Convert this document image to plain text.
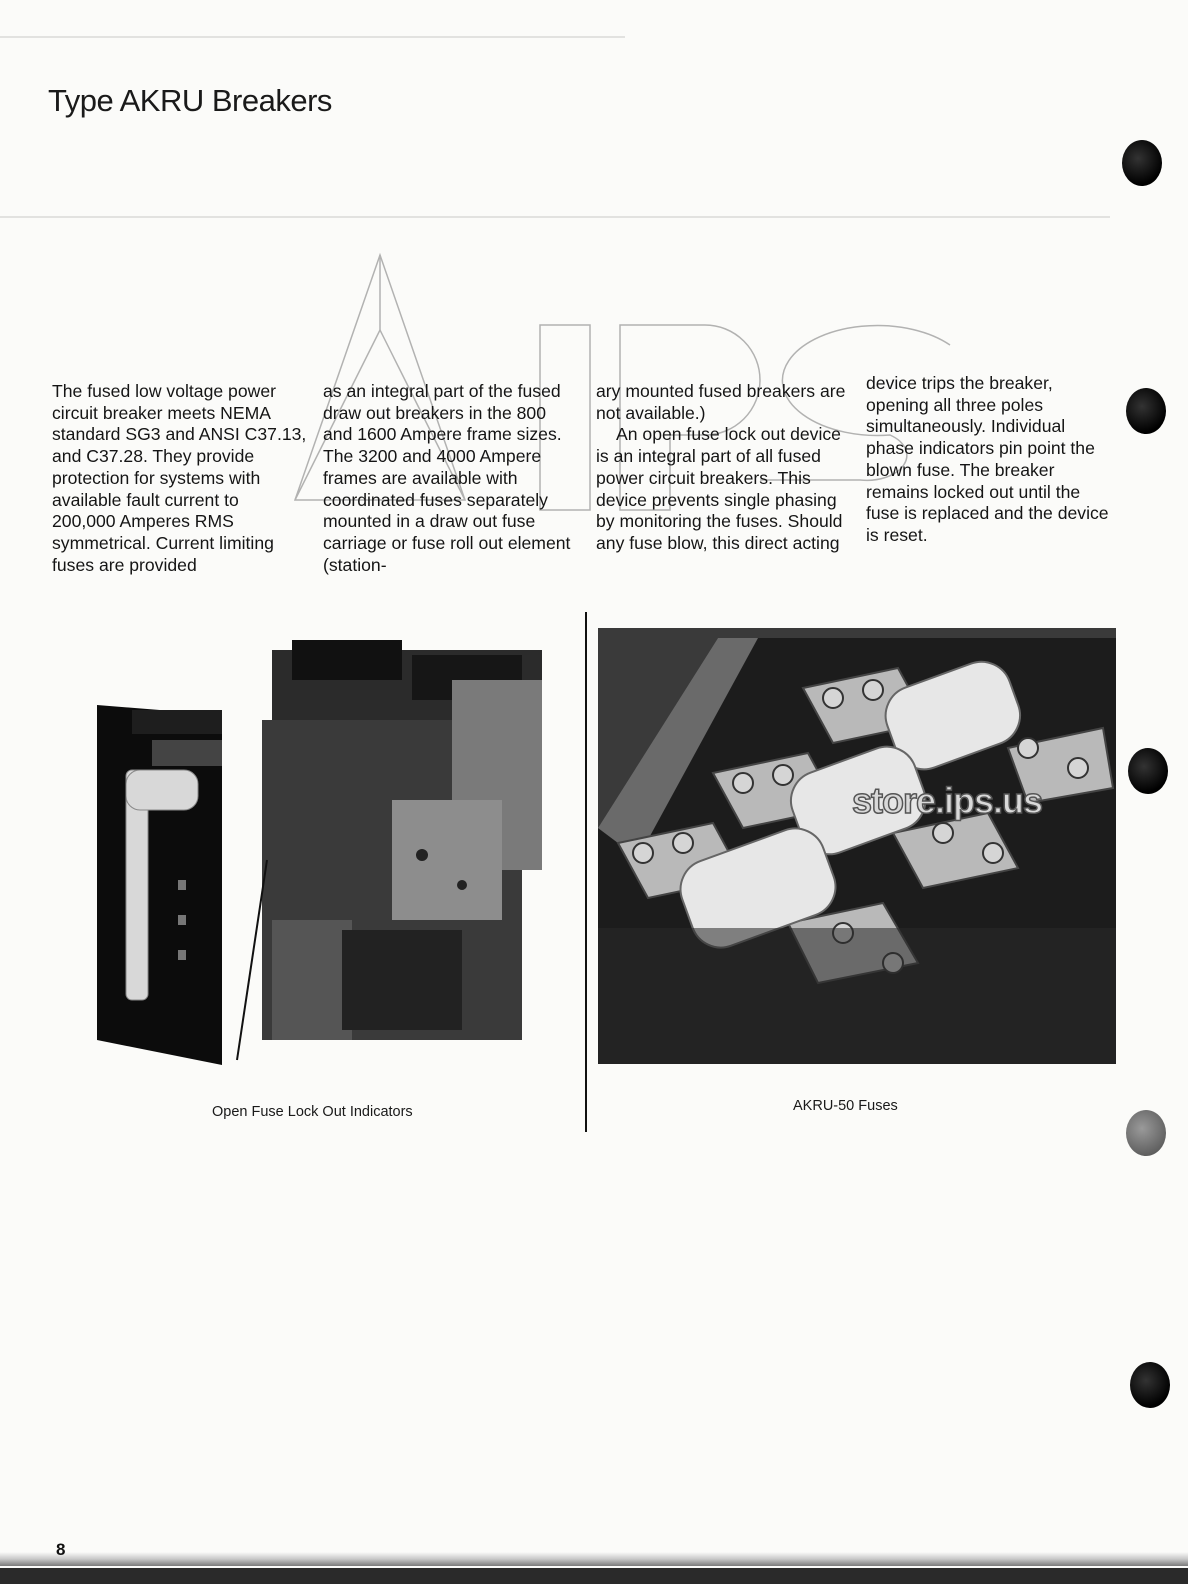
Type AKRU Breakers

The fused low voltage power circuit breaker meets NEMA standard SG3 and ANSI C37.13, and C37.28. They provide protection for systems with available fault current to 200,000 Amperes RMS symmetrical. Current limiting fuses are provided

as an integral part of the fused draw out breakers in the 800 and 1600 Ampere frame sizes. The 3200 and 4000 Ampere frames are available with coordinated fuses separately mounted in a draw out fuse carriage or fuse roll out element (station-

ary mounted fused breakers are not available.)

An open fuse lock out device is an integral part of all fused power circuit breakers. This device prevents single phasing by monitoring the fuses. Should any fuse blow, this direct acting

device trips the breaker, opening all three poles simultaneously. Individual phase indicators pin point the blown fuse. The breaker remains locked out until the fuse is replaced and the device is reset.

Open Fuse Lock Out Indicators
store.ips.us
AKRU-50 Fuses
8
